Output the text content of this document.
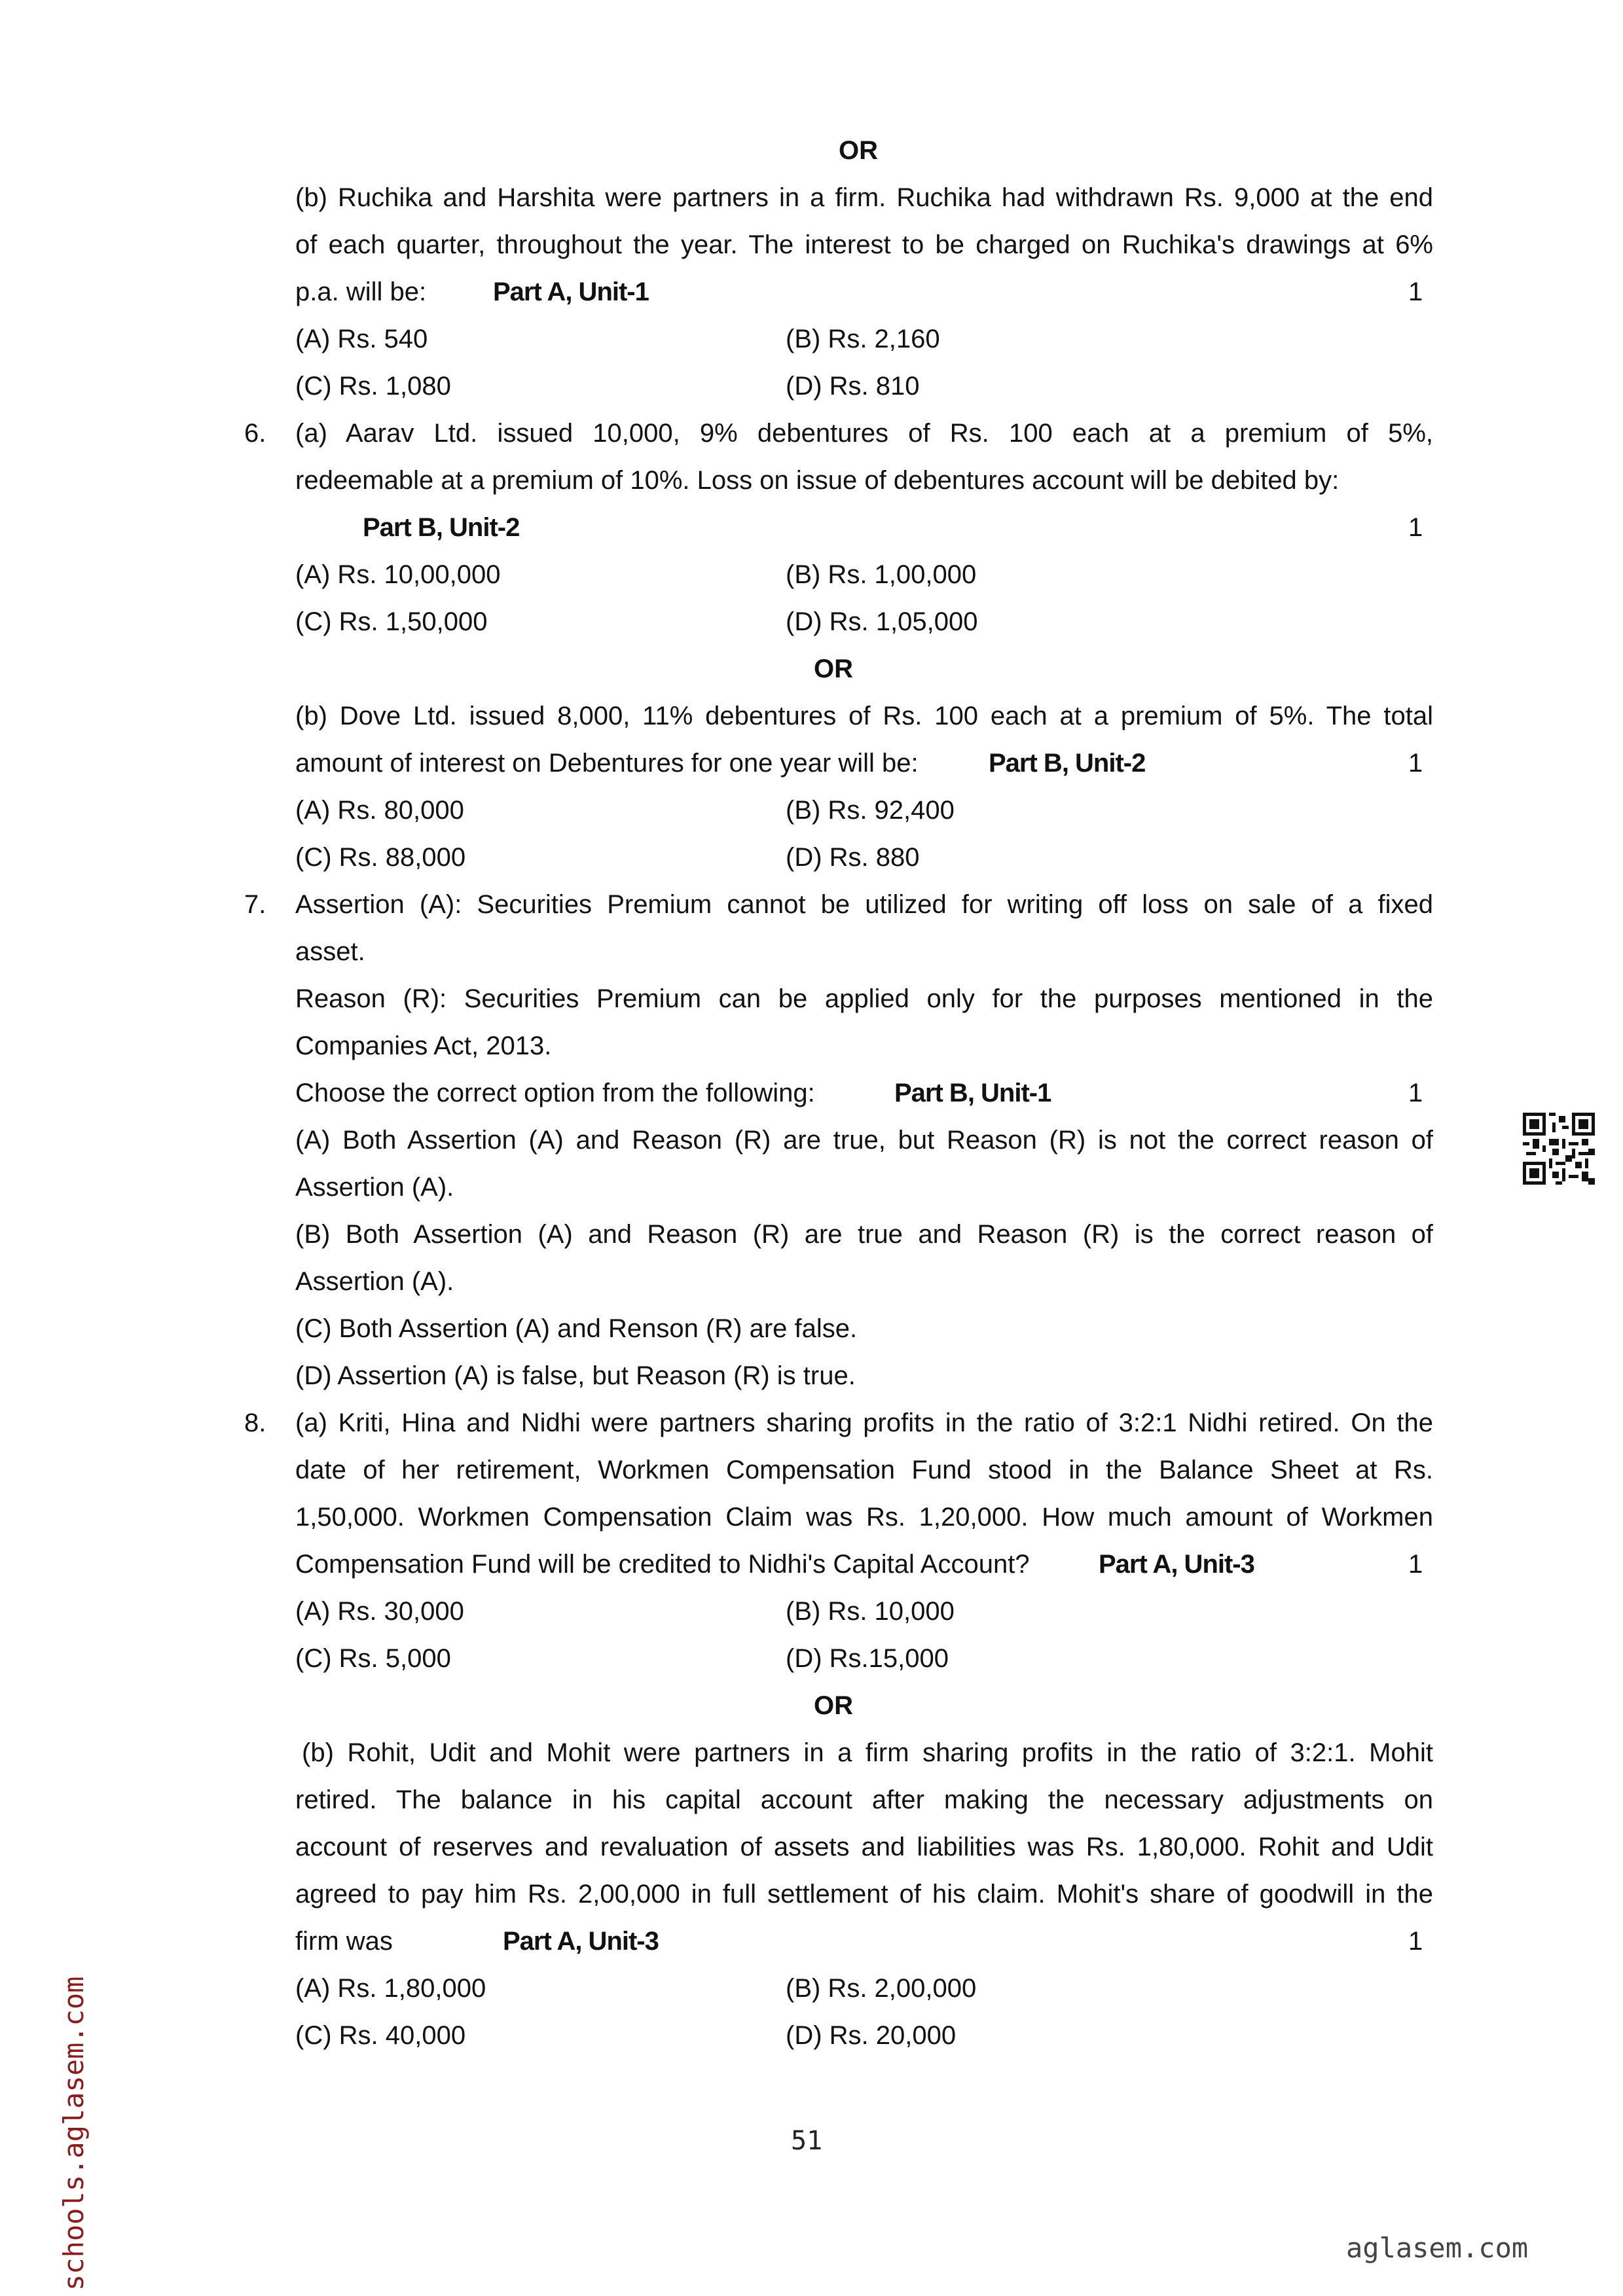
OR
(b) Ruchika and Harshita were partners in a firm. Ruchika had withdrawn Rs. 9,000 at the end
of each quarter, throughout the year. The interest to be charged on Ruchika's drawings at 6%
p.a. will be:	Part A, Unit-1	1
(A) Rs. 540	(B) Rs. 2,160
(C) Rs. 1,080	(D) Rs. 810
6. (a) Aarav Ltd. issued 10,000, 9% debentures of Rs. 100 each at a premium of 5%,
redeemable at a premium of 10%. Loss on issue of debentures account will be debited by:
Part B, Unit-2	1
(A) Rs. 10,00,000	(B) Rs. 1,00,000
(C) Rs. 1,50,000	(D) Rs. 1,05,000
OR
(b) Dove Ltd. issued 8,000, 11% debentures of Rs. 100 each at a premium of 5%. The total
amount of interest on Debentures for one year will be:	Part B, Unit-2	1
(A) Rs. 80,000	(B) Rs. 92,400
(C) Rs. 88,000	(D) Rs. 880
7. Assertion (A): Securities Premium cannot be utilized for writing off loss on sale of a fixed
asset.
Reason (R): Securities Premium can be applied only for the purposes mentioned in the
Companies Act, 2013.
Choose the correct option from the following:	Part B, Unit-1	1
(A) Both Assertion (A) and Reason (R) are true, but Reason (R) is not the correct reason of
Assertion (A).
(B) Both Assertion (A) and Reason (R) are true and Reason (R) is the correct reason of
Assertion (A).
(C) Both Assertion (A) and Renson (R) are false.
(D) Assertion (A) is false, but Reason (R) is true.
8. (a) Kriti, Hina and Nidhi were partners sharing profits in the ratio of 3:2:1 Nidhi retired. On the
date of her retirement, Workmen Compensation Fund stood in the Balance Sheet at Rs.
1,50,000. Workmen Compensation Claim was Rs. 1,20,000. How much amount of Workmen
Compensation Fund will be credited to Nidhi's Capital Account?	Part A, Unit-3	1
(A) Rs. 30,000	(B) Rs. 10,000
(C) Rs. 5,000	(D) Rs.15,000
OR
(b) Rohit, Udit and Mohit were partners in a firm sharing profits in the ratio of 3:2:1. Mohit
retired. The balance in his capital account after making the necessary adjustments on
account of reserves and revaluation of assets and liabilities was Rs. 1,80,000. Rohit and Udit
agreed to pay him Rs. 2,00,000 in full settlement of his claim. Mohit's share of goodwill in the
firm was	Part A, Unit-3	1
(A) Rs. 1,80,000	(B) Rs. 2,00,000
(C) Rs. 40,000	(D) Rs. 20,000
51
schools.aglasem.com	aglasem.com
